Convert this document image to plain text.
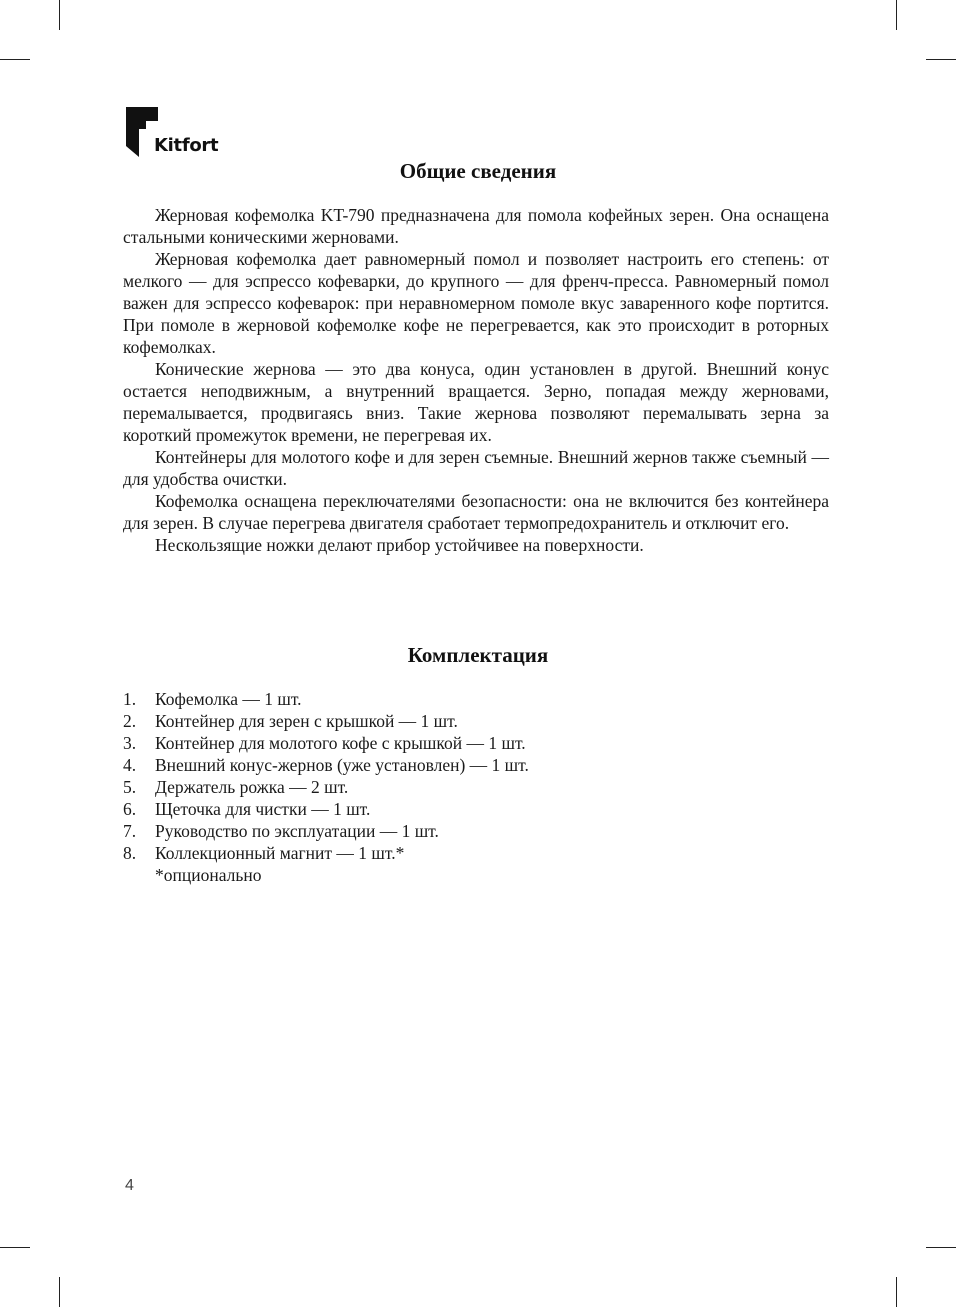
Kitfort
Общие сведения

Жерновая кофемолка KT-790 предназначена для помола кофейных зерен. Она оснащена стальными коническими жерновами.

Жерновая кофемолка дает равномерный помол и позволяет настроить его степень: от мелкого — для эспрессо кофеварки, до крупного — для френч-пресса. Равномерный помол важен для эспрессо кофеварок: при неравномерном помоле вкус заваренного кофе портится. При помоле в жерновой кофемолке кофе не перегревается, как это происходит в роторных кофемолках.

Конические жернова — это два конуса, один установлен в другой. Внешний конус остается неподвижным, а внутренний вращается. Зерно, попадая между жерновами, перемалывается, продвигаясь вниз. Такие жернова позволяют перемалывать зерна за короткий промежуток времени, не перегревая их.

Контейнеры для молотого кофе и для зерен съемные. Внешний жернов также съемный — для удобства очистки.

Кофемолка оснащена переключателями безопасности: она не включится без контейнера для зерен. В случае перегрева двигателя сработает термопредохранитель и отключит его.

Нескользящие ножки делают прибор устойчивее на поверхности.

Комплектация
1.	Кофемолка — 1 шт.
2.	Контейнер для зерен с крышкой — 1 шт.
3.	Контейнер для молотого кофе с крышкой — 1 шт.
4.	Внешний конус-жернов (уже установлен) — 1 шт.
5.	Держатель рожка — 2 шт.
6.	Щеточка для чистки — 1 шт.
7.	Руководство по эксплуатации — 1 шт.
8.	Коллекционный магнит — 1 шт.*
*опционально
4
